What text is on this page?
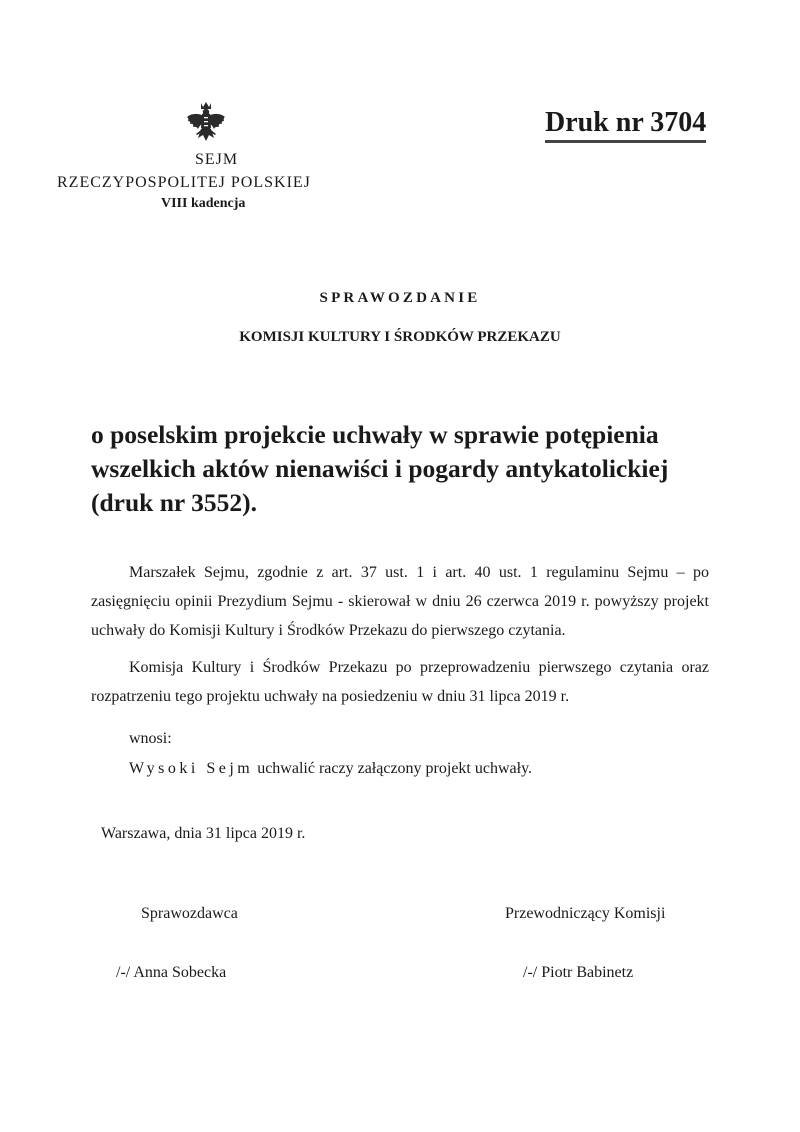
SEJM
RZECZYPOSPOLITEJ POLSKIEJ
VIII kadencja
Druk nr 3704
SPRAWOZDANIE
KOMISJI KULTURY I ŚRODKÓW PRZEKAZU
o poselskim projekcie uchwały w sprawie potępienia wszelkich aktów nienawiści i pogardy antykatolickiej (druk nr 3552).
Marszałek Sejmu, zgodnie z art. 37 ust. 1 i art. 40 ust. 1 regulaminu Sejmu – po zasięgnięciu opinii Prezydium Sejmu - skierował w dniu 26 czerwca 2019 r. powyższy projekt uchwały do Komisji Kultury i Środków Przekazu do pierwszego czytania.
Komisja Kultury i Środków Przekazu po przeprowadzeniu pierwszego czytania oraz rozpatrzeniu tego projektu uchwały na posiedzeniu w dniu 31 lipca 2019 r.
wnosi:
Wysoki Sejm uchwalić raczy załączony projekt uchwały.
Warszawa, dnia 31 lipca 2019 r.
Sprawozdawca	Przewodniczący Komisji
/-/ Anna Sobecka	/-/ Piotr Babinetz
